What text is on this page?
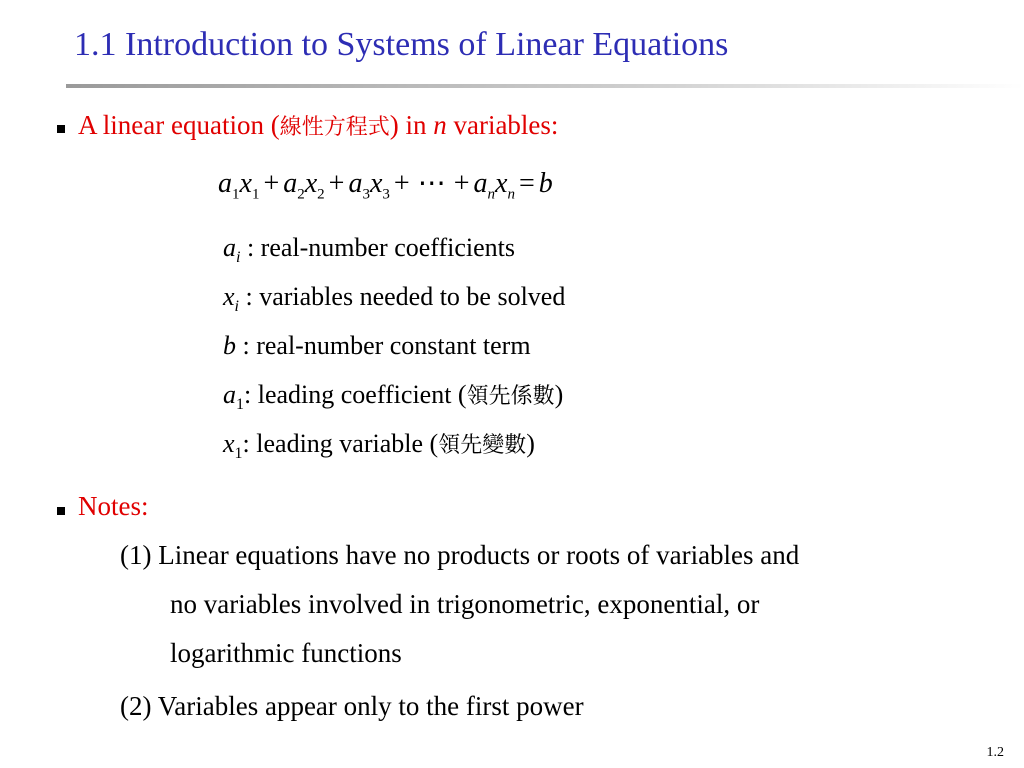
1.1 Introduction to Systems of Linear Equations
A linear equation (線性方程式) in n variables:
$a_1x_1 + a_2x_2 + a_3x_3$ + ⋯ + $a_nx_n = b$
$a_i$ : real-number coefficients
$x_i$ : variables needed to be solved
b : real-number constant term
$a_1$: leading coefficient (領先係數)
$x_1$: leading variable (領先變數)
Notes:
(1) Linear equations have no products or roots of variables and
no variables involved in trigonometric, exponential, or
logarithmic functions
(2) Variables appear only to the first power
1.2
